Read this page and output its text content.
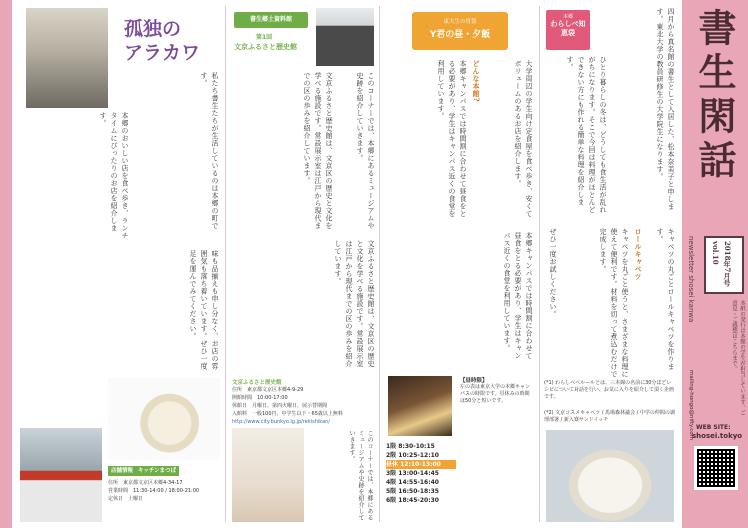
書生閑話
newsletter shosei kanwa	2018年7月号 vol.10
本紙の発行は本館の学生が担当しています。ご意見・ご感想はこちらまで。
mailing-hongo@nifty.com WEB SITE:
shosei.tokyo
本郷
わらしべ知恵袋	四月から真名館の書生として入居した、松本奈美子と申します。東北大学の教員研修生の大学院生になります。
ひとり暮らしの冬は、どうしても食生活が乱れがちになります。そこで今回は料理がほとんどできない方にも作れる簡単な料理を紹介します。
キャベツの丸ごとロールキャベツを作ります。
ロールキャベツ
キャベツを丸ごと使うと、さまざまな料理に使えて便利です。材料を切って煮込むだけで完成します。
ぜひ一度お試しください。
(*1) わらしべベルールとは、三本線の名前に30分ほどレシピについて対話を行い、お気に入りを紹介して頂く企画です。
(*2) 文京コスメキャベツ / 馬場森林議会 / 中学の仲間の調理部署 / 新入寮サンドイッチ
東大生の胃袋
Y君の昼・夕飯
大学周辺の学生向け定食屋を食べ歩き、安くてボリュームのあるお店を紹介します。
どんな本館?
本郷キャンパスでは時間割に合わせて昼食をとる必要があり、学生はキャンパス近くの食堂を利用しています。
本郷キャンパスでは時間割に合わせて昼食をとる必要があり、学生はキャンパス近くの食堂を利用しています。
1限 8:30-10:15
2限 10:25-12:10
昼休 12:10-13:00
3限 13:00-14:45
4限 14:55-16:40
5限 16:50-18:35
6限 18:45-20:30
【昼時限】
左の表は東京大学の本郷キャンパスの時限です。昼休みの時間は50分と短いです。
書生郷土資料館
第1回
文京ふるさと歴史館
このコーナーでは、本郷にあるミュージアムや史跡を紹介していきます。
文京ふるさと歴史館は、文京区の歴史と文化を学べる施設です。常設展示室は江戸から現代までの区の歩みを紹介しています。
文京ふるさと歴史館は、文京区の歴史と文化を学べる施設です。常設展示室は江戸から現代までの区の歩みを紹介しています。
文京ふるさと歴史館
住所　東京都文京区本郷4-9-29
開館時間　10:00-17:00
休館日　月曜日、第四火曜日、展示替期間
入館料　一般100円、中学生以下・65歳以上無料
http://www.city.bunkyo.lg.jp/rekishikan/
このコーナーでは、本郷にあるミュージアムや史跡を紹介していきます。
孤独の
アラカワ
私たち書生たちが生活しているのは本郷の町です。
本郷のおいしい店を食べ歩き、ランチタイムにぴったりのお店を紹介します。
味も品揃えも申し分なく、お店の雰囲気も落ち着いています。ぜひ一度足を運んでみてください。
店舗情報 キッチンまつば
住所　東京都文京区本郷4-34-17
営業時間　11:30-14:00 / 18:00-21:00
定休日　土曜日
